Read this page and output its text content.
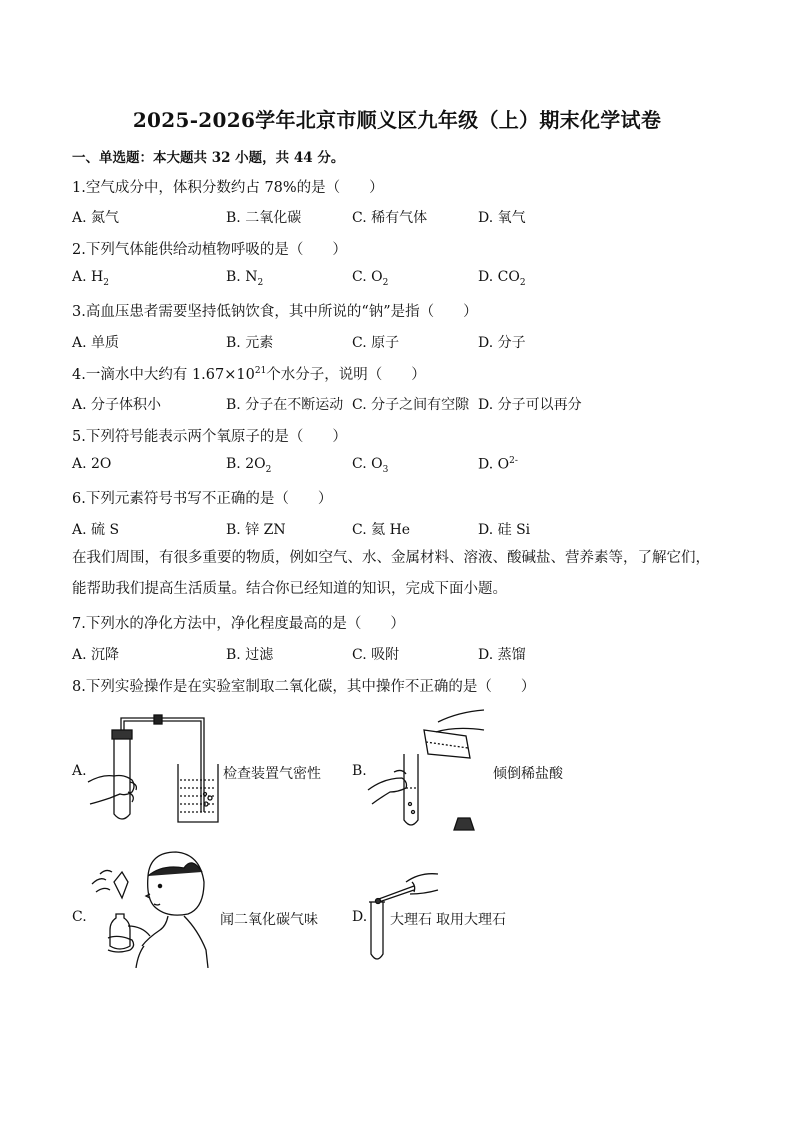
2025-2026学年北京市顺义区九年级（上）期末化学试卷
一、单选题：本大题共 32 小题，共 44 分。
1.空气成分中，体积分数约占 78%的是（　　）
A. 氮气	B. 二氧化碳	C. 稀有气体	D. 氧气
2.下列气体能供给动植物呼吸的是（　　）
A. $H_2$	B. $N_2$	C. $O_2$	D. $CO_2$
3.高血压患者需要坚持低钠饮食，其中所说的“钠”是指（　　）
A. 单质	B. 元素	C. 原子	D. 分子
4.一滴水中大约有 $1.67\times 10^{21}$个水分子，说明（　　）
A. 分子体积小	B. 分子在不断运动 C. 分子之间有空隙 D. 分子可以再分
5.下列符号能表示两个氧原子的是（　　）
A. 2O	B. $2O_2$	C. $O_3$	D. $O^{2-}$
6.下列元素符号书写不正确的是（　　）
A. 硫 S	B. 锌 ZN	C. 氦 He	D. 硅 Si
在我们周围，有很多重要的物质，例如空气、水、金属材料、溶液、酸碱盐、营养素等，了解它们，能帮助我们提高生活质量。结合你已经知道的知识，完成下面小题。
7.下列水的净化方法中，净化程度最高的是（　　）
A. 沉降	B. 过滤	C. 吸附	D. 蒸馏
8.下列实验操作是在实验室制取二氧化碳，其中操作不正确的是（　　）
A.	检查装置气密性 B.	倾倒稀盐酸
C.	闻二氧化碳气味 D. 大理石 取用大理石
